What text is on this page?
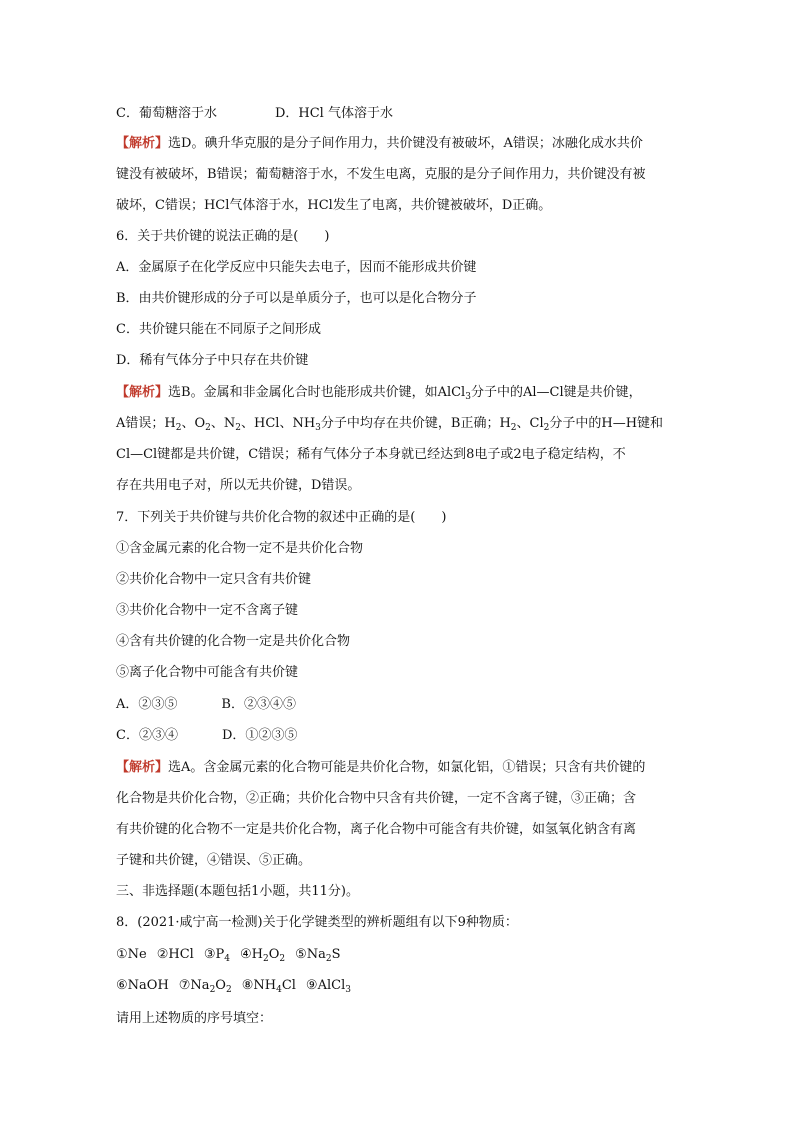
C．葡萄糖溶于水	D．HCl 气体溶于水
【解析】选D。碘升华克服的是分子间作用力，共价键没有被破坏，A错误；冰融化成水共价
键没有被破坏，B错误；葡萄糖溶于水，不发生电离，克服的是分子间作用力，共价键没有被
破坏，C错误；HCl气体溶于水，HCl发生了电离，共价键被破坏，D正确。
6．关于共价键的说法正确的是(　　)
A．金属原子在化学反应中只能失去电子，因而不能形成共价键
B．由共价键形成的分子可以是单质分子，也可以是化合物分子
C．共价键只能在不同原子之间形成
D．稀有气体分子中只存在共价键
【解析】选B。金属和非金属化合时也能形成共价键，如AlCl$_3$分子中的Al—Cl键是共价键，
A错误；$H_2$、$O_2$、$N_2$、HCl、$NH_3$分子中均存在共价键，B正确；$H_2$、$Cl_2$分子中的H—H键和
Cl—Cl键都是共价键，C错误；稀有气体分子本身就已经达到8电子或2电子稳定结构，不
存在共用电子对，所以无共价键，D错误。
7．下列关于共价键与共价化合物的叙述中正确的是(　　)
①含金属元素的化合物一定不是共价化合物
②共价化合物中一定只含有共价键
③共价化合物中一定不含离子键
④含有共价键的化合物一定是共价化合物
⑤离子化合物中可能含有共价键
A．②③⑤	B．②③④⑤
C．②③④	D．①②③⑤
【解析】选A。含金属元素的化合物可能是共价化合物，如氯化铝，①错误；只含有共价键的
化合物是共价化合物，②正确；共价化合物中只含有共价键，一定不含离子键，③正确；含
有共价键的化合物不一定是共价化合物，离子化合物中可能含有共价键，如氢氧化钠含有离
子键和共价键，④错误、⑤正确。
三、非选择题(本题包括1小题，共11分)。
8．(2021·咸宁高一检测)关于化学键类型的辨析题组有以下9种物质：
①Ne ②HCl $③P_4$ $④H_2O_2$ $⑤Na_2S$
⑥NaOH $⑦Na_2O_2$ $⑧NH_4Cl$ ⑨AlCl$_3$
请用上述物质的序号填空：
